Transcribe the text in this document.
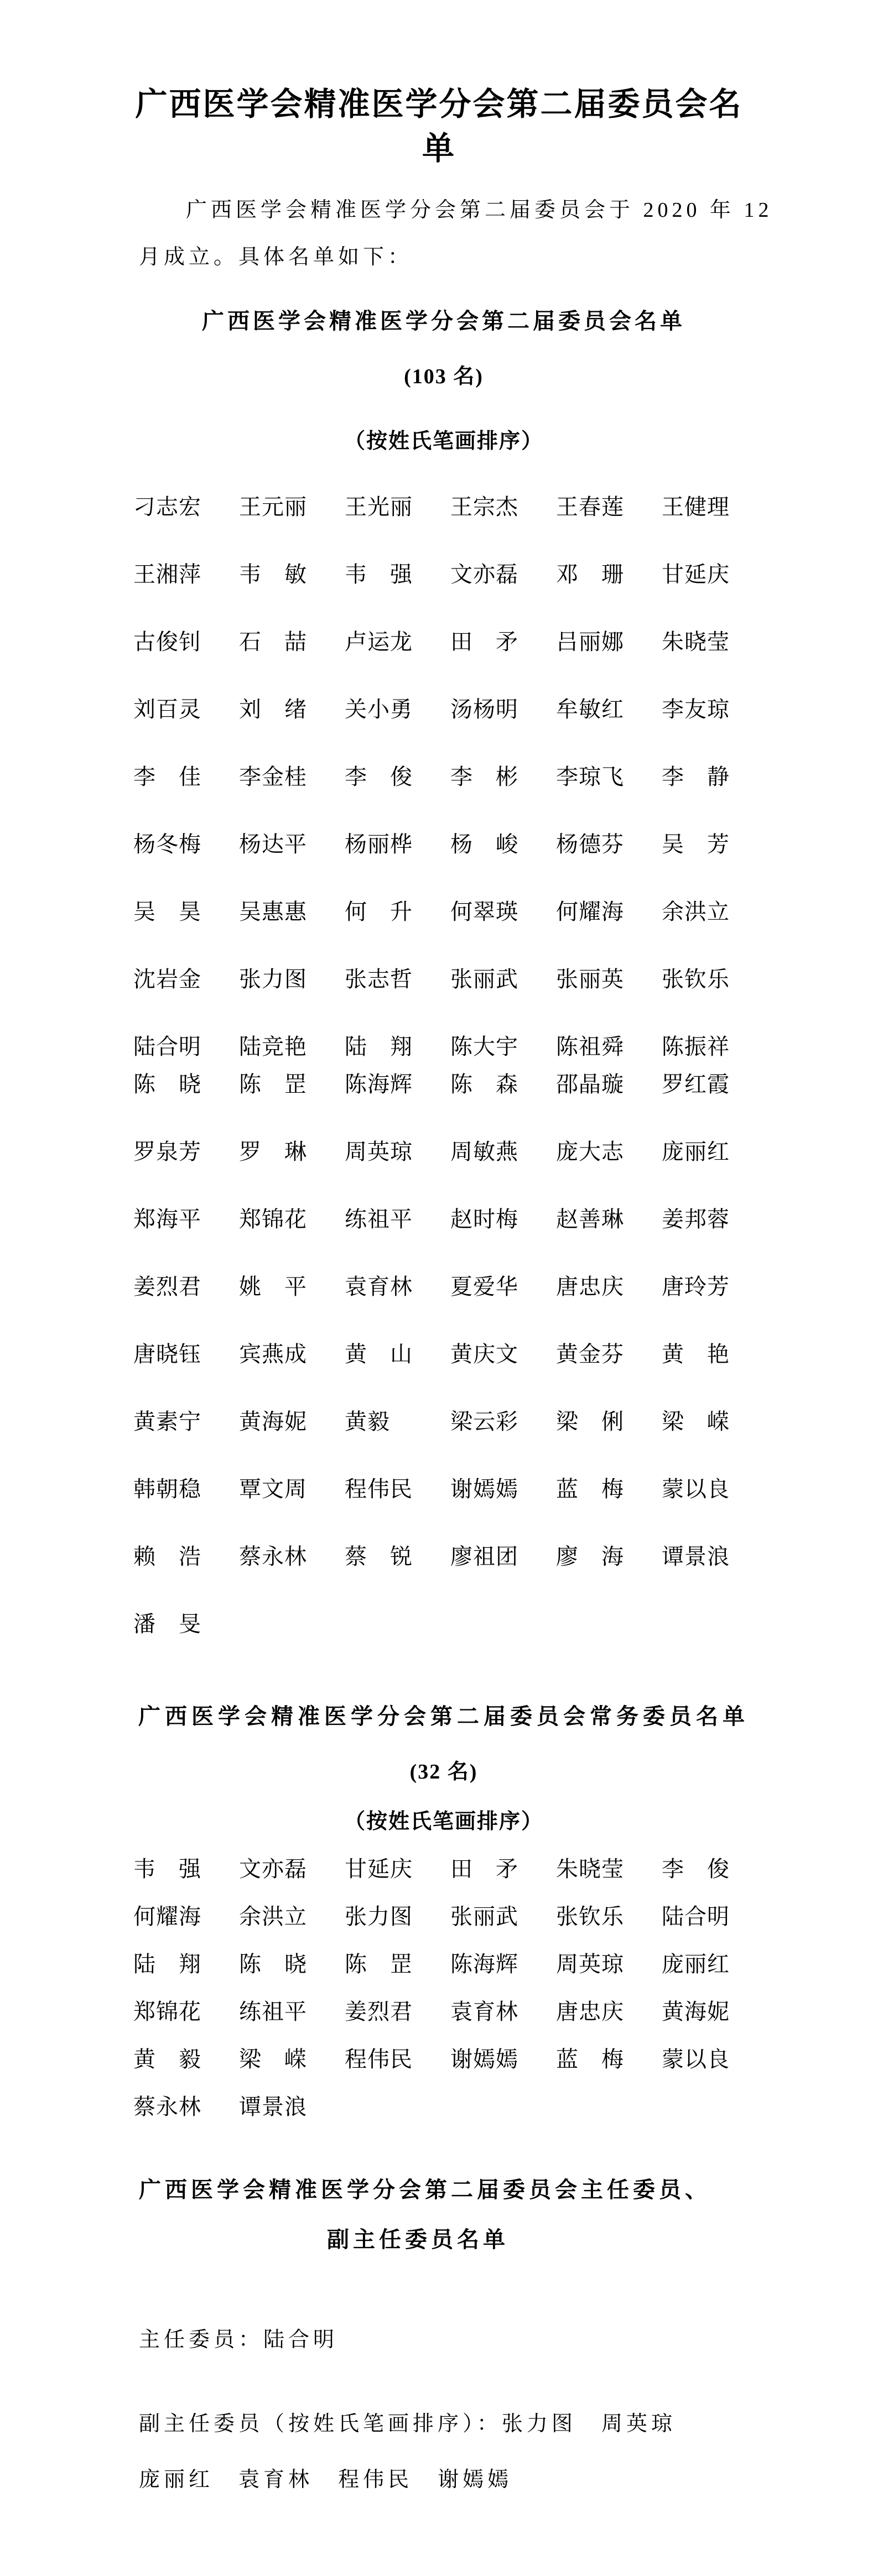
广西医学会精准医学分会第二届委员会名
单
广西医学会精准医学分会第二届委员会于 2020 年 12
月成立。具体名单如下：
广西医学会精准医学分会第二届委员会名单
(103 名)
（按姓氏笔画排序）
刁志宏 王元丽 王光丽 王宗杰 王春莲 王健理
王湘萍 韦　敏 韦　强 文亦磊 邓　珊 甘延庆
古俊钊 石　喆 卢运龙 田　矛 吕丽娜 朱晓莹
刘百灵 刘　绪 关小勇 汤杨明 牟敏红 李友琼
李　佳 李金桂 李　俊 李　彬 李琼飞 李　静
杨冬梅 杨达平 杨丽桦 杨　峻 杨德芬 吴　芳
吴　昊 吴惠惠 何　升 何翠瑛 何耀海 余洪立
沈岩金 张力图 张志哲 张丽武 张丽英 张钦乐
陆合明 陆竞艳 陆　翔 陈大宇 陈祖舜 陈振祥
陈　晓 陈　罡 陈海辉 陈　森 邵晶璇 罗红霞
罗泉芳 罗　琳 周英琼 周敏燕 庞大志 庞丽红
郑海平 郑锦花 练祖平 赵时梅 赵善琳 姜邦蓉
姜烈君 姚　平 袁育林 夏爱华 唐忠庆 唐玲芳
唐晓钰 宾燕成 黄　山 黄庆文 黄金芬 黄　艳
黄素宁 黄海妮 黄毅	梁云彩 梁　俐 梁　嵘
韩朝稳 覃文周 程伟民 谢嫣嫣 蓝　梅 蒙以良
赖　浩 蔡永林 蔡　锐 廖祖团 廖　海 谭景浪
潘　旻
广西医学会精准医学分会第二届委员会常务委员名单
(32 名)
（按姓氏笔画排序）
韦　强 文亦磊 甘延庆 田　矛 朱晓莹 李　俊
何耀海 余洪立 张力图 张丽武 张钦乐 陆合明
陆　翔 陈　晓 陈　罡 陈海辉 周英琼 庞丽红
郑锦花 练祖平 姜烈君 袁育林 唐忠庆 黄海妮
黄　毅 梁　嵘 程伟民 谢嫣嫣 蓝　梅 蒙以良
蔡永林 谭景浪
广西医学会精准医学分会第二届委员会主任委员、
副主任委员名单
主任委员：陆合明
副主任委员（按姓氏笔画排序）：张力图　 周英琼
庞丽红　 袁育林　 程伟民　 谢嫣嫣
